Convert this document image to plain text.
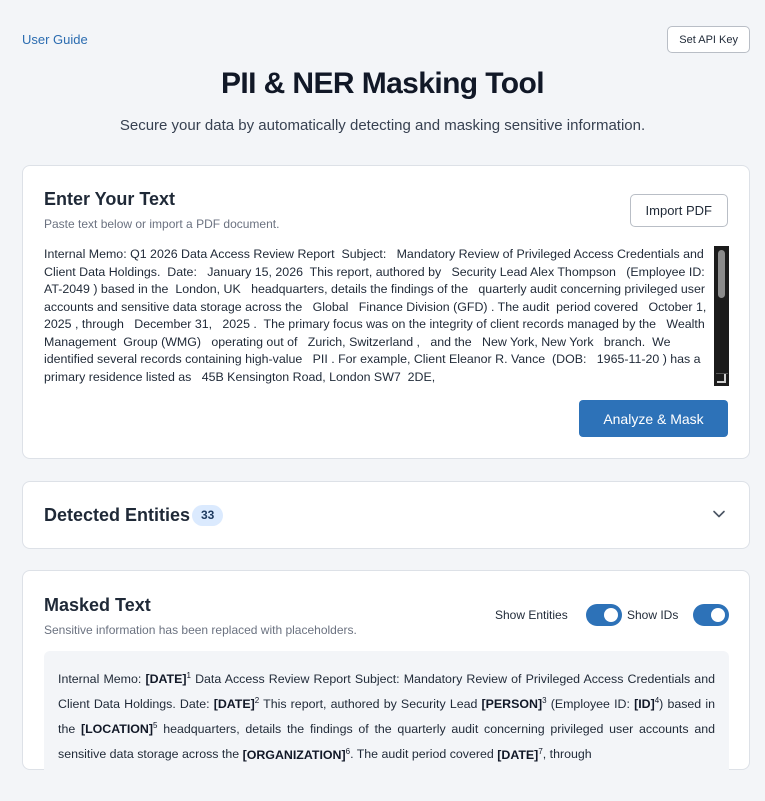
User Guide	Set API Key
PII & NER Masking Tool

Secure your data by automatically detecting and masking sensitive information.

Enter Your Text

Paste text below or import a PDF document.

Import PDF
Internal Memo: Q1 2026 Data Access Review Report  Subject:   Mandatory Review of Privileged Access Credentials and Client Data Holdings.  Date:   January 15, 2026  This report, authored by   Security Lead Alex Thompson   (Employee ID:   AT-2049 ) based in the  London, UK   headquarters, details the findings of the   quarterly audit concerning privileged user  accounts and sensitive data storage across the   Global   Finance Division (GFD) . The audit  period covered   October 1, 2025 , through   December 31,   2025 .  The primary focus was on the integrity of client records managed by the   Wealth Management  Group (WMG)   operating out of   Zurich, Switzerland ,   and the   New York, New York   branch.  We identified several records containing high-value   PII . For example, Client Eleanor R. Vance  (DOB:   1965-11-20 ) has a primary residence listed as   45B Kensington Road, London SW7  2DE,
Analyze & Mask
Detected Entities 33
Masked Text

Sensitive information has been replaced with placeholders.

Show Entities	Show IDs
Internal Memo: [DATE]$^1$ Data Access Review Report Subject: Mandatory Review of Privileged Access Credentials and Client Data Holdings. Date: [DATE]$^2$ This report, authored by Security Lead [PERSON]$^3$ (Employee ID: [ID]$^4$) based in the [LOCATION]$^5$ headquarters, details the findings of the quarterly audit concerning privileged user accounts and sensitive data storage across the [ORGANIZATION]$^6$. The audit period covered [DATE]$^7$, through
